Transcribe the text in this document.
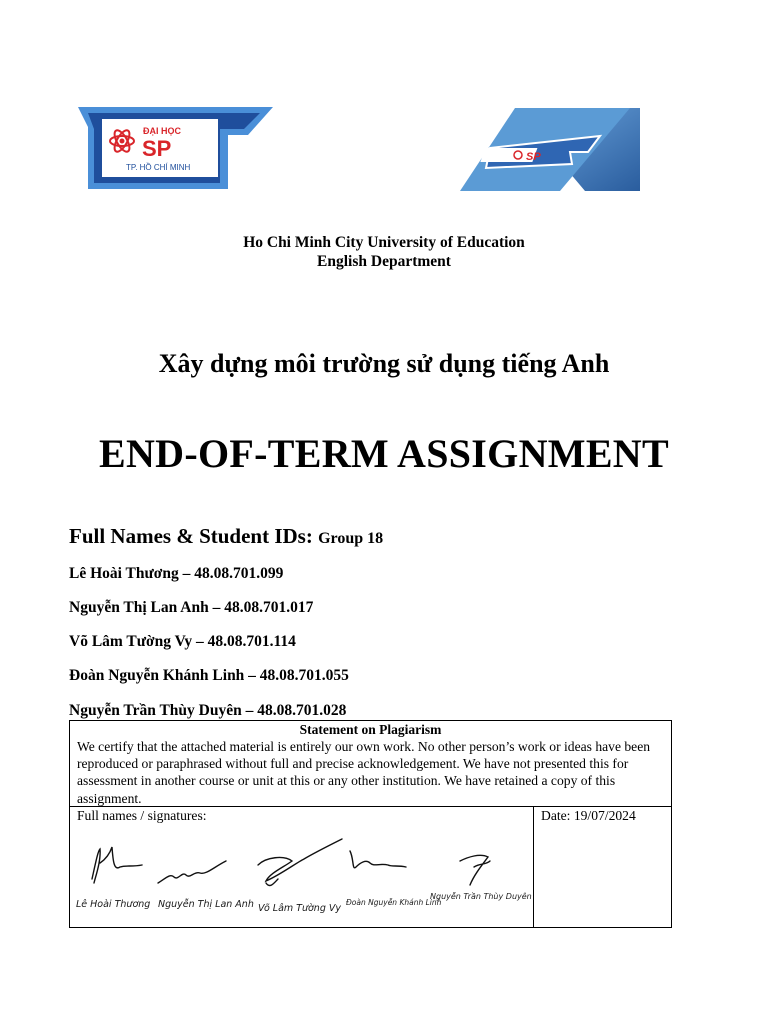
ĐẠI HỌC
SP
TP. HỒ CHÍ MINH
SP
Ho Chi Minh City University of Education
English Department
Xây dựng môi trường sử dụng tiếng Anh
END-OF-TERM ASSIGNMENT
Full Names & Student IDs: Group 18
Lê Hoài Thương – 48.08.701.099
Nguyễn Thị Lan Anh – 48.08.701.017
Võ Lâm Tường Vy – 48.08.701.114
Đoàn Nguyễn Khánh Linh – 48.08.701.055
Nguyễn Trần Thùy Duyên – 48.08.701.028
Statement on Plagiarism
We certify that the attached material is entirely our own work. No other person’s work or ideas have been reproduced or paraphrased without full and precise acknowledgement. We have not presented this for assessment in another course or unit at this or any other institution. We have retained a copy of this assignment.
Full names / signatures:	Date: 19/07/2024
Lê Hoài Thương Nguyễn Thị Lan Anh Võ Lâm Tường Vy
Đoàn Nguyễn Khánh Linh
Nguyễn Trần Thùy Duyên
